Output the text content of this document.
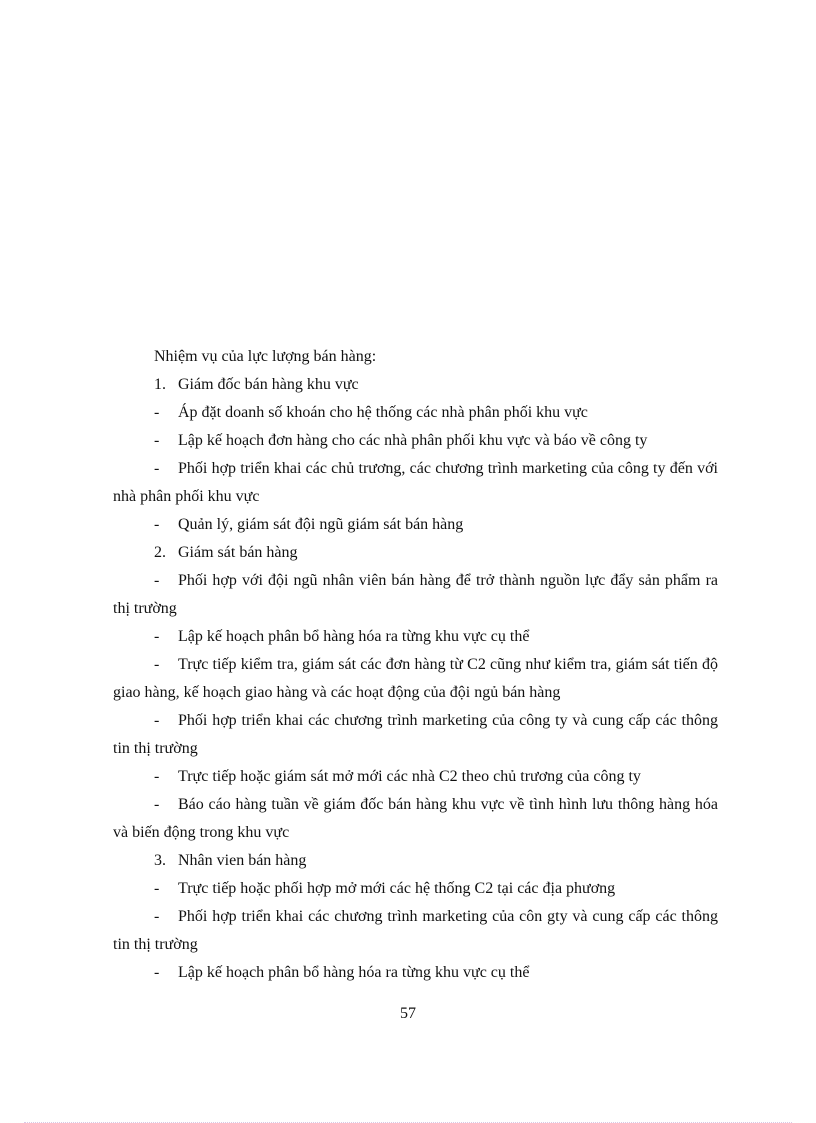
Nhiệm vụ của lực lượng bán hàng:

1. Giám đốc bán hàng khu vực

- Áp đặt doanh số khoán cho hệ thống các nhà phân phối khu vực

- Lập kế hoạch đơn hàng cho các nhà phân phối khu vực và báo về công ty

- Phối hợp triển khai các chủ trương, các chương trình marketing của công ty đến với nhà phân phối khu vực

- Quản lý, giám sát đội ngũ giám sát bán hàng

2. Giám sát bán hàng

- Phối hợp với đội ngũ nhân viên bán hàng để trở thành nguồn lực đẩy sản phẩm ra thị trường

- Lập kế hoạch phân bổ hàng hóa ra từng khu vực cụ thể

- Trực tiếp kiểm tra, giám sát các đơn hàng từ C2 cũng như kiểm tra, giám sát tiến độ giao hàng, kế hoạch giao hàng và các hoạt động của đội ngủ bán hàng

- Phối hợp triển khai các chương trình marketing của công ty và cung cấp các thông tin thị trường

- Trực tiếp hoặc giám sát mở mới các nhà C2 theo chủ trương của công ty

- Báo cáo hàng tuần về giám đốc bán hàng khu vực về tình hình lưu thông hàng hóa và biến động trong khu vực

3. Nhân vien bán hàng

- Trực tiếp hoặc phối hợp mở mới các hệ thống C2 tại các địa phương

- Phối hợp triển khai các chương trình marketing của côn gty và cung cấp các thông tin thị trường

- Lập kế hoạch phân bổ hàng hóa ra từng khu vực cụ thể

57
